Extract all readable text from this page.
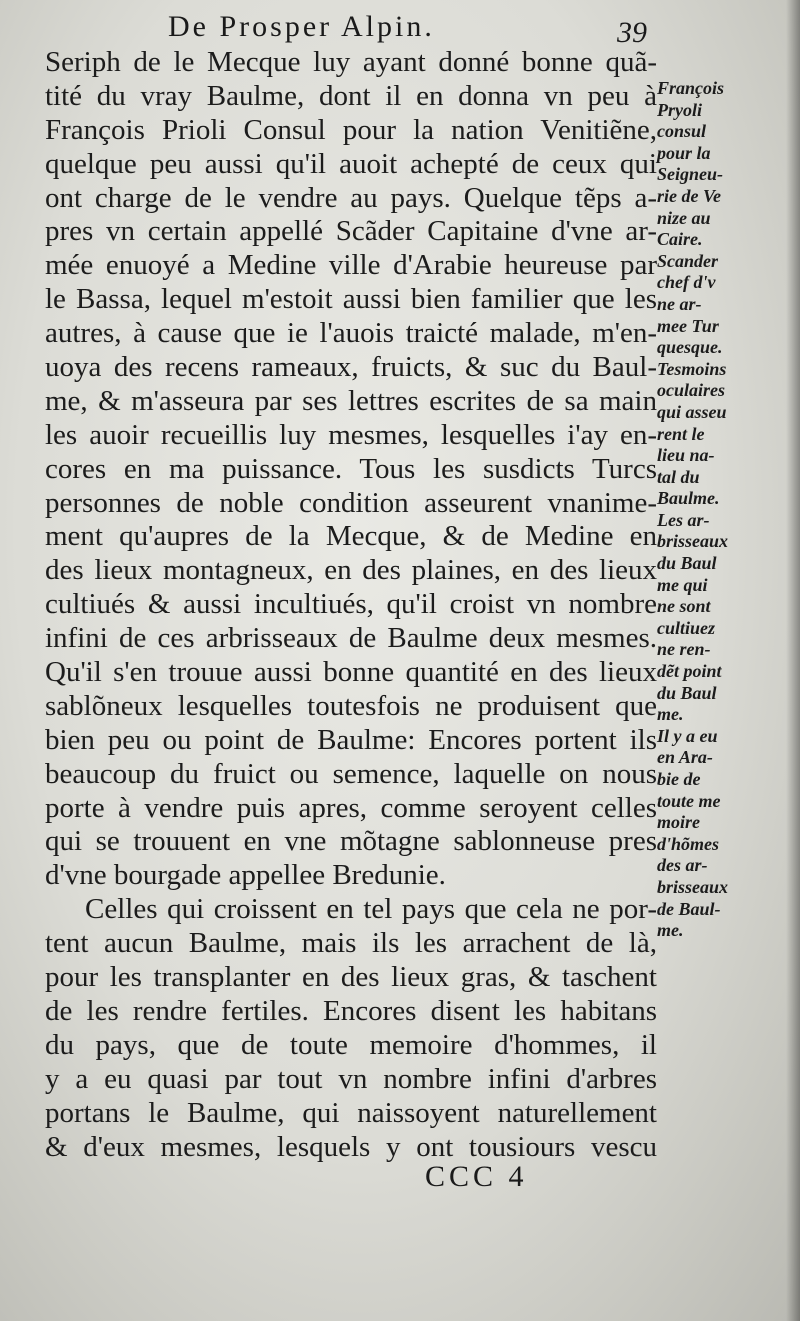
De Prosper Alpin.	39
Seriph de le Mecque luy ayant donné bonne quã-
tité du vray Baulme, dont il en donna vn peu à
François Prioli Consul pour la nation Venitiẽne,
quelque peu aussi qu'il auoit achepté de ceux qui
ont charge de le vendre au pays. Quelque tẽps a-
pres vn certain appellé Scãder Capitaine d'vne ar-
mée enuoyé a Medine ville d'Arabie heureuse par
le Bassa, lequel m'estoit aussi bien familier que les
autres, à cause que ie l'auois traicté malade, m'en-
uoya des recens rameaux, fruicts, & suc du Baul-
me, & m'asseura par ses lettres escrites de sa main
les auoir recueillis luy mesmes, lesquelles i'ay en-
cores en ma puissance. Tous les susdicts Turcs
personnes de noble condition asseurent vnanime-
ment qu'aupres de la Mecque, & de Medine en
des lieux montagneux, en des plaines, en des lieux
cultiués & aussi incultiués, qu'il croist vn nombre
infini de ces arbrisseaux de Baulme deux mesmes.
Qu'il s'en trouue aussi bonne quantité en des lieux
sablõneux lesquelles toutesfois ne produisent que
bien peu ou point de Baulme: Encores portent ils
beaucoup du fruict ou semence, laquelle on nous
porte à vendre puis apres, comme seroyent celles
qui se trouuent en vne mõtagne sablonneuse pres
d'vne bourgade appellee Bredunie.
Celles qui croissent en tel pays que cela ne por-
tent aucun Baulme, mais ils les arrachent de là,
pour les transplanter en des lieux gras, & taschent
de les rendre fertiles. Encores disent les habitans
du pays, que de toute memoire d'hommes, il
y a eu quasi par tout vn nombre infini d'arbres
portans le Baulme, qui naissoyent naturellement
& d'eux mesmes, lesquels y ont tousiours vescu
François
Pryoli
consul
pour la
Seigneu-
rie de Ve
nize au
Caire.
Scander
chef d'v
ne ar-
mee Tur
quesque.
Tesmoins
oculaires
qui asseu
rent le
lieu na-
tal du
Baulme.
Les ar-
brisseaux
du Baul
me qui
ne sont
cultiuez
ne ren-
dẽt point
du Baul
me.
Il y a eu
en Ara-
bie de
toute me
moire
d'hõmes
des ar-
brisseaux
de Baul-
me.
CCC 4
